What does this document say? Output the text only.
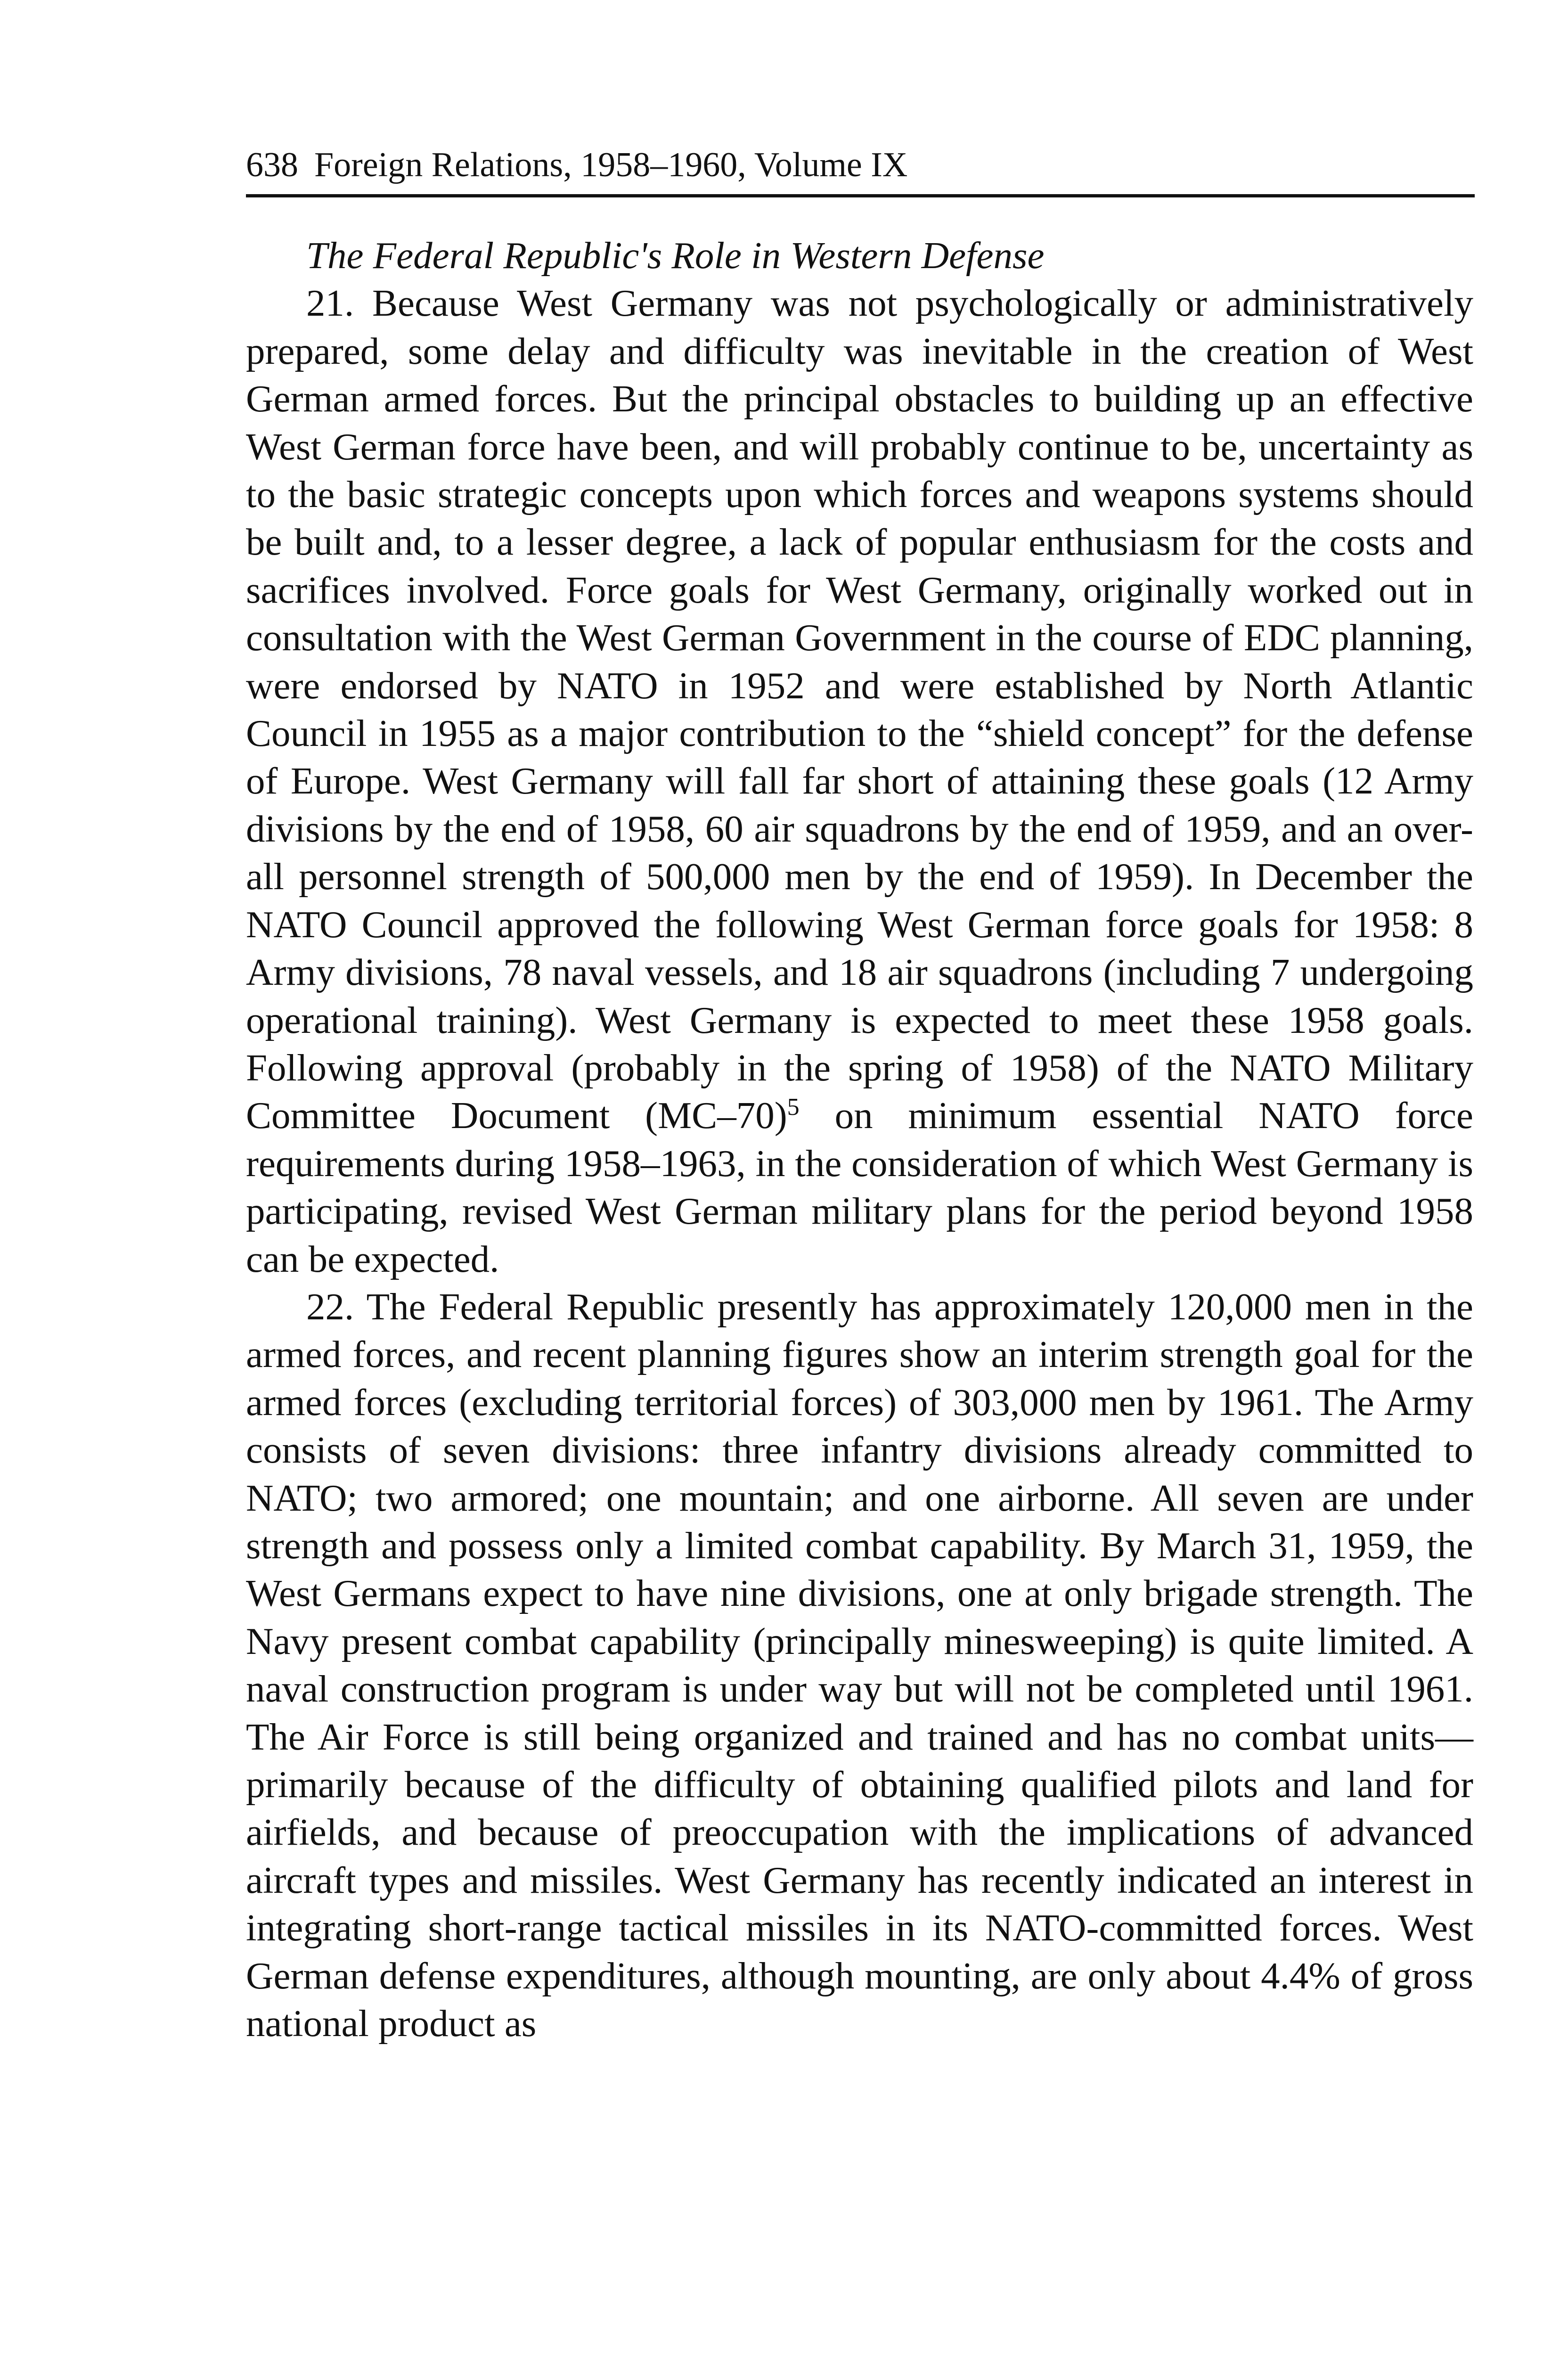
638 Foreign Relations, 1958–1960, Volume IX

The Federal Republic's Role in Western Defense

21. Because West Germany was not psychologically or administratively prepared, some delay and difficulty was inevitable in the creation of West German armed forces. But the principal obstacles to building up an effective West German force have been, and will probably continue to be, uncertainty as to the basic strategic concepts upon which forces and weapons systems should be built and, to a lesser degree, a lack of popular enthusiasm for the costs and sacrifices involved. Force goals for West Germany, originally worked out in consultation with the West German Government in the course of EDC planning, were endorsed by NATO in 1952 and were established by North Atlantic Council in 1955 as a major contribution to the “shield concept” for the defense of Europe. West Germany will fall far short of attaining these goals (12 Army divisions by the end of 1958, 60 air squadrons by the end of 1959, and an over-all personnel strength of 500,000 men by the end of 1959). In December the NATO Council approved the following West German force goals for 1958: 8 Army divisions, 78 naval vessels, and 18 air squadrons (including 7 undergoing operational training). West Germany is expected to meet these 1958 goals. Following approval (probably in the spring of 1958) of the NATO Military Committee Document $(MC-70)^5$ on minimum essential NATO force requirements during 1958–1963, in the consideration of which West Germany is participating, revised West German military plans for the period beyond 1958 can be expected.

22. The Federal Republic presently has approximately 120,000 men in the armed forces, and recent planning figures show an interim strength goal for the armed forces (excluding territorial forces) of 303,000 men by 1961. The Army consists of seven divisions: three infantry divisions already committed to NATO; two armored; one mountain; and one airborne. All seven are under strength and possess only a limited combat capability. By March 31, 1959, the West Germans expect to have nine divisions, one at only brigade strength. The Navy present combat capability (principally minesweeping) is quite limited. A naval construction program is under way but will not be completed until 1961. The Air Force is still being organized and trained and has no combat units—primarily because of the difficulty of obtaining qualified pilots and land for airfields, and because of preoccupation with the implications of advanced aircraft types and missiles. West Germany has recently indicated an interest in integrating short-range tactical missiles in its NATO-committed forces. West German defense expenditures, although mounting, are only about 4.4% of gross national product as
